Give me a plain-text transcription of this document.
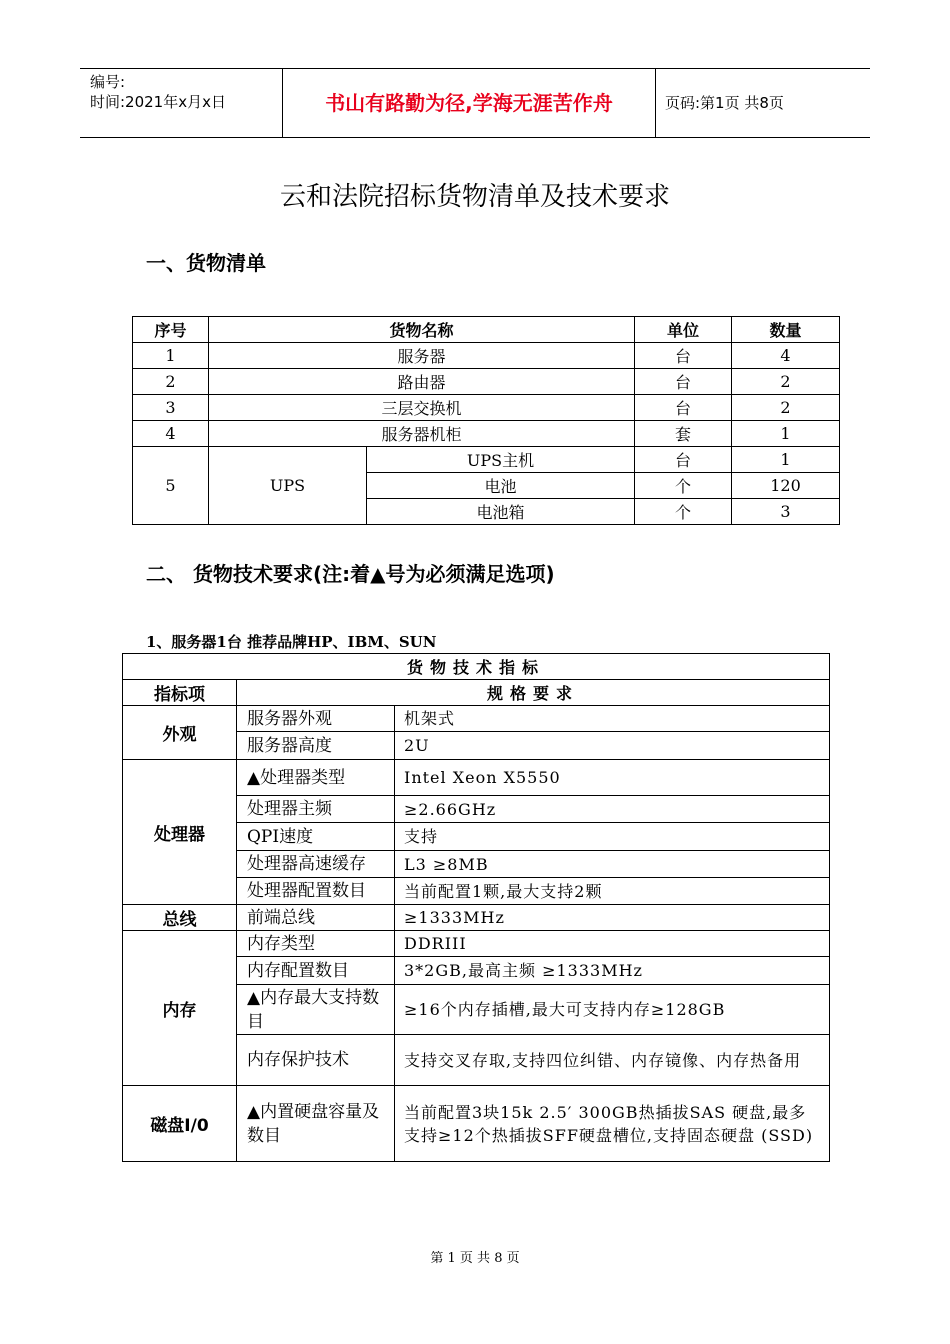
编号:
时间:2021年x月x日	书山有路勤为径,学海无涯苦作舟	页码:第1页 共8页
云和法院招标货物清单及技术要求
一、货物清单
序号	货物名称		单位	数量
1	服务器		台	4
2	路由器		台	2
3	三层交换机		台	2
4	服务器机柜		套	1
5	UPS	UPS主机	台	1
		电池	个	120
		电池箱	个	3
二、 货物技术要求(注:着▲号为必须满足选项)
1、服务器1台 推荐品牌HP、IBM、SUN
货物技术指标		
指标项	规格要求	
外观	服务器外观	机架式
	服务器高度	2U
处理器	▲处理器类型	Intel Xeon X5550
	处理器主频	≥2.66GHz
	QPI速度	支持
	处理器高速缓存	L3 ≥8MB
	处理器配置数目	当前配置1颗,最大支持2颗
总线	前端总线	≥1333MHz
内存	内存类型	DDRIII
	内存配置数目	3*2GB,最高主频 ≥1333MHz
	▲内存最大支持数目	≥16个内存插槽,最大可支持内存≥128GB
	内存保护技术	支持交叉存取,支持四位纠错、内存镜像、内存热备用
磁盘I/0	▲内置硬盘容量及数目	当前配置3块15k 2.5′ 300GB热插拔SAS 硬盘,最多支持≥12个热插拔SFF硬盘槽位,支持固态硬盘 (SSD)
第 1 页 共 8 页
